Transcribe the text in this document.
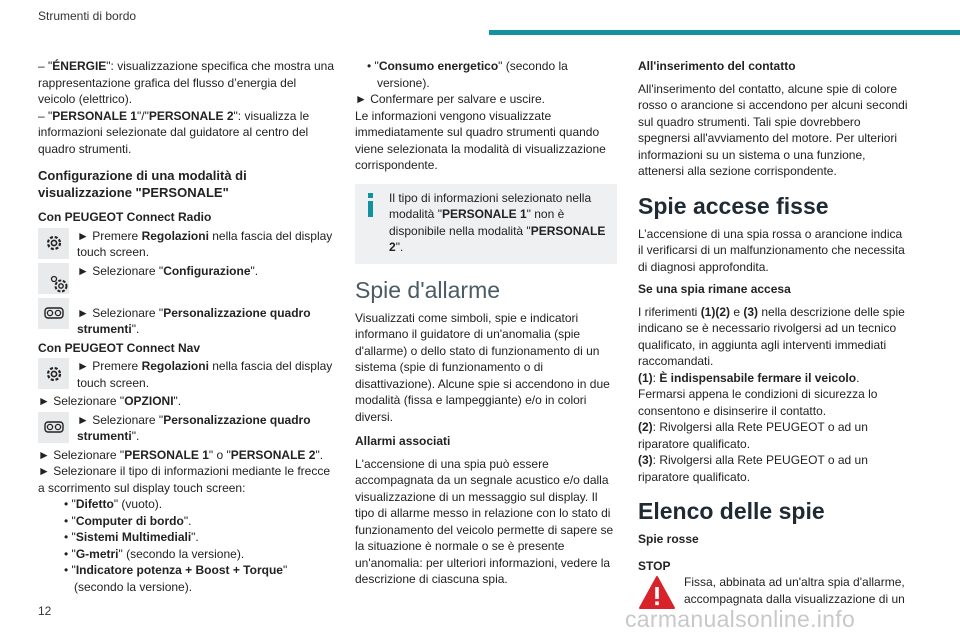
Strumenti di bordo

– "ÉNERGIE": visualizzazione specifica che mostra una rappresentazione grafica del flusso d’energia del veicolo (elettrico).

– "PERSONALE 1"/"PERSONALE 2": visualizza le informazioni selezionate dal guidatore al centro del quadro strumenti.

Configurazione di una modalità di visualizzazione "PERSONALE"
Con PEUGEOT Connect Radio

► Premere Regolazioni nella fascia del display touch screen.

► Selezionare "Configurazione".

► Selezionare "Personalizzazione quadro strumenti".

Con PEUGEOT Connect Nav

► Premere Regolazioni nella fascia del display touch screen.

► Selezionare "OPZIONI".

► Selezionare "Personalizzazione quadro strumenti".

► Selezionare "PERSONALE 1" o "PERSONALE 2".

► Selezionare il tipo di informazioni mediante le frecce a scorrimento sul display touch screen:

• "Difetto" (vuoto).

• "Computer di bordo".

• "Sistemi Multimediali".

• "G-metri" (secondo la versione).

• "Indicatore potenza + Boost + Torque" (secondo la versione).

• "Consumo energetico" (secondo la versione).

► Confermare per salvare e uscire.

Le informazioni vengono visualizzate immediatamente sul quadro strumenti quando viene selezionata la modalità di visualizzazione corrispondente.

Il tipo di informazioni selezionato nella modalità "PERSONALE 1" non è disponibile nella modalità "PERSONALE 2".

Spie d'allarme

Visualizzati come simboli, spie e indicatori informano il guidatore di un'anomalia (spie d'allarme) o dello stato di funzionamento di un sistema (spie di funzionamento o di disattivazione). Alcune spie si accendono in due modalità (fissa e lampeggiante) e/o in colori diversi.

Allarmi associati

L'accensione di una spia può essere accompagnata da un segnale acustico e/o dalla visualizzazione di un messaggio sul display. Il tipo di allarme messo in relazione con lo stato di funzionamento del veicolo permette di sapere se la situazione è normale o se è presente un'anomalia: per ulteriori informazioni, vedere la descrizione di ciascuna spia.

All'inserimento del contatto

All'inserimento del contatto, alcune spie di colore rosso o arancione si accendono per alcuni secondi sul quadro strumenti. Tali spie dovrebbero spegnersi all'avviamento del motore. Per ulteriori informazioni su un sistema o una funzione, attenersi alla sezione corrispondente.

Spie accese fisse

L’accensione di una spia rossa o arancione indica il verificarsi di un malfunzionamento che necessita di diagnosi approfondita.

Se una spia rimane accesa

I riferimenti (1)(2) e (3) nella descrizione delle spie indicano se è necessario rivolgersi ad un tecnico qualificato, in aggiunta agli interventi immediati raccomandati.

(1): È indispensabile fermare il veicolo.

Fermarsi appena le condizioni di sicurezza lo consentono e disinserire il contatto.

(2): Rivolgersi alla Rete PEUGEOT o ad un riparatore qualificato.

(3): Rivolgersi alla Rete PEUGEOT o ad un riparatore qualificato.

Elenco delle spie
Spie rosse
STOP

Fissa, abbinata ad un'altra spia d'allarme, accompagnata dalla visualizzazione di un

12	carmanualsonline.info
